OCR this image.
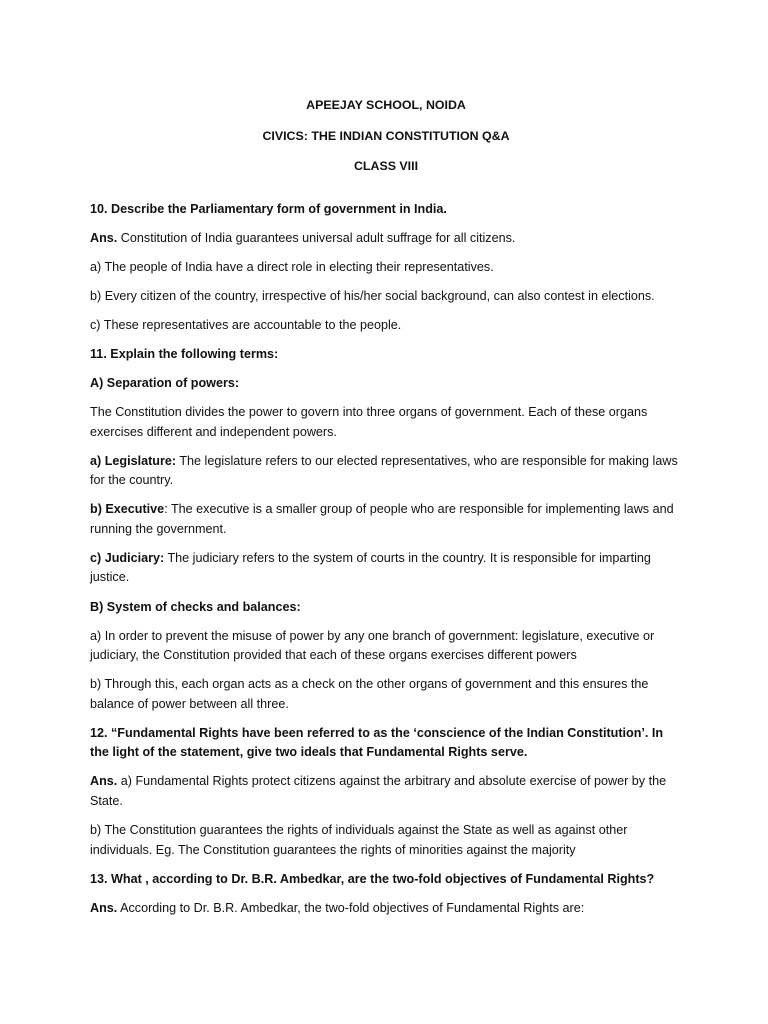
APEEJAY SCHOOL, NOIDA
CIVICS: THE INDIAN CONSTITUTION Q&A
CLASS VIII

10. Describe the Parliamentary form of government in India.

Ans. Constitution of India guarantees universal adult suffrage for all citizens.

a) The people of India have a direct role in electing their representatives.

b) Every citizen of the country, irrespective of his/her social background, can also contest in elections.

c) These representatives are accountable to the people.

11. Explain the following terms:

A) Separation of powers:

The Constitution divides the power to govern into three organs of government. Each of these organs exercises different and independent powers.

a) Legislature: The legislature refers to our elected representatives, who are responsible for making laws for the country.

b) Executive: The executive is a smaller group of people who are responsible for implementing laws and running the government.

c) Judiciary: The judiciary refers to the system of courts in the country. It is responsible for imparting justice.

B) System of checks and balances:

a) In order to prevent the misuse of power by any one branch of government: legislature, executive or judiciary, the Constitution provided that each of these organs exercises different powers

b) Through this, each organ acts as a check on the other organs of government and this ensures the balance of power between all three.

12. “Fundamental Rights have been referred to as the ‘conscience of the Indian Constitution’. In the light of the statement, give two ideals that Fundamental Rights serve.

Ans. a) Fundamental Rights protect citizens against the arbitrary and absolute exercise of power by the State.

b) The Constitution guarantees the rights of individuals against the State as well as against other individuals. Eg. The Constitution guarantees the rights of minorities against the majority

13. What , according to Dr. B.R. Ambedkar, are the two-fold objectives of Fundamental Rights?

Ans. According to Dr. B.R. Ambedkar, the two-fold objectives of Fundamental Rights are:
